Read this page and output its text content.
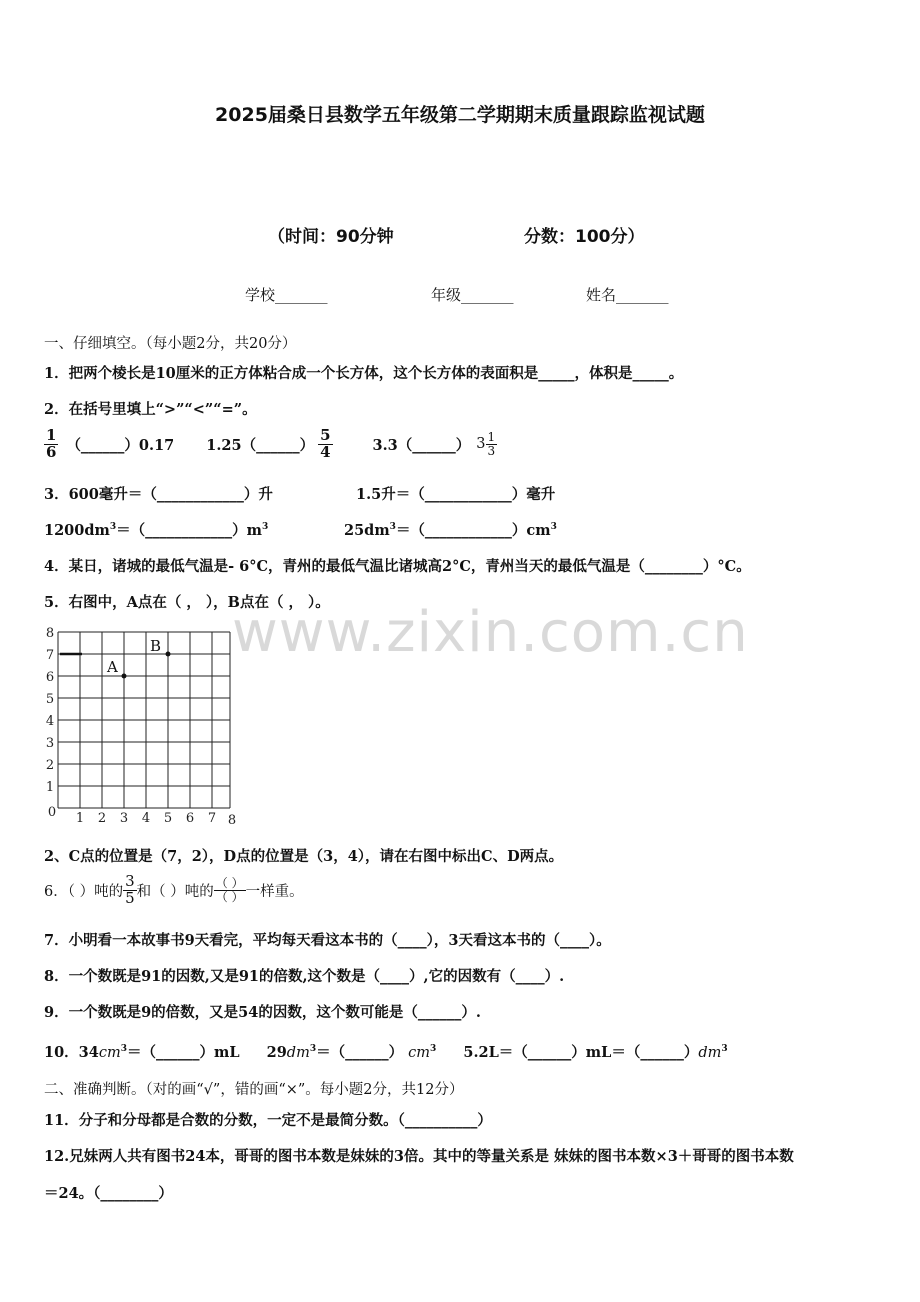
2025届桑日县数学五年级第二学期期末质量跟踪监视试题
（时间：90分钟	分数：100分）
学校_______	年级_______	姓名_______
www.zixin.com.cn
一、仔细填空。（每小题2分，共20分）
1．把两个棱长是10厘米的正方体粘合成一个长方体，这个长方体的表面积是_____，体积是_____。
2．在括号里填上“>”“<”“=”。
$\frac{1}{6}$ （______）0.17 1.25（______） $\frac{5}{4}$	3.3（______） $3 \frac{1}{3}$
3．600毫升＝（____________）升	1.5升＝（____________）毫升
$1200dm^3=(\_\_\_\_\_\_\_\_\_\_\_\_)m^3$	$25dm^3=(\_\_\_\_\_\_\_\_\_\_\_\_)cm^3$
4．某日，诸城的最低气温是- 6°C，青州的最低气温比诸城高2°C，青州当天的最低气温是（________）°C。
5．右图中，A点在（ ， ），B点在（ ， ）。
8
7
6
5
4
3
2
1
0 1 2 3 4 5 6 7 8
A
B
2、C点的位置是（7，2），D点的位置是（3，4），请在右图中标出C、D两点。
6．（ ）吨的 $\frac{3}{5}$ 和（ ）吨的 $\frac{( )}{( )}$ 一样重。
7．小明看一本故事书9天看完，平均每天看这本书的（____），3天看这本书的（____）。
8．一个数既是91的因数,又是91的倍数,这个数是（____）,它的因数有（____）.
9．一个数既是9的倍数，又是54的因数，这个数可能是（______）.
10．$34cm^3=(\_\_\_\_\_\_)mL$ $29dm^3=(\_\_\_\_\_\_)$ $cm^3$ $5.2L=(\_\_\_\_\_\_)mL=(\_\_\_\_\_\_)dm^3$
二、准确判断。（对的画“√”，错的画“×”。每小题2分，共12分）
11．分子和分母都是合数的分数，一定不是最简分数。（__________）
12.兄妹两人共有图书24本，哥哥的图书本数是妹妹的3倍。其中的等量关系是 妹妹的图书本数×3＋哥哥的图书本数
＝24。（________）
